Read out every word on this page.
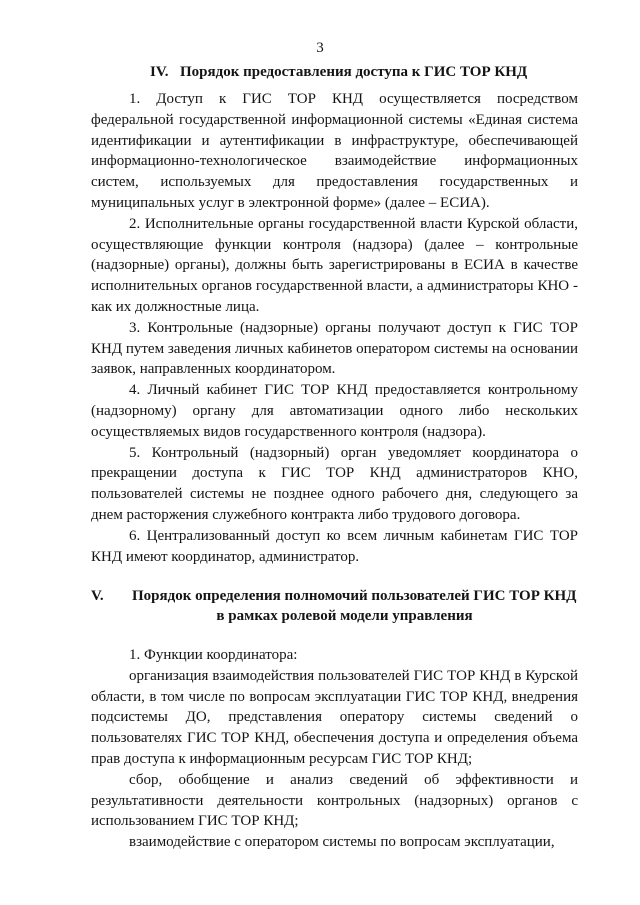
3
IV. Порядок предоставления доступа к ГИС ТОР КНД

1. Доступ к ГИС ТОР КНД осуществляется посредством федеральной государственной информационной системы «Единая система идентификации и аутентификации в инфраструктуре, обеспечивающей информационно-технологическое взаимодействие информационных систем, используемых для предоставления государственных и муниципальных услуг в электронной форме» (далее – ЕСИА).

2. Исполнительные органы государственной власти Курской области, осуществляющие функции контроля (надзора) (далее – контрольные (надзорные) органы), должны быть зарегистрированы в ЕСИА в качестве исполнительных органов государственной власти, а администраторы КНО - как их должностные лица.

3. Контрольные (надзорные) органы получают доступ к ГИС ТОР КНД путем заведения личных кабинетов оператором системы на основании заявок, направленных координатором.

4. Личный кабинет ГИС ТОР КНД предоставляется контрольному (надзорному) органу для автоматизации одного либо нескольких осуществляемых видов государственного контроля (надзора).

5. Контрольный (надзорный) орган уведомляет координатора о прекращении доступа к ГИС ТОР КНД администраторов КНО, пользователей системы не позднее одного рабочего дня, следующего за днем расторжения служебного контракта либо трудового договора.

6. Централизованный доступ ко всем личным кабинетам ГИС ТОР КНД имеют координатор, администратор.

V.	Порядок определения полномочий пользователей ГИС ТОР КНД
в рамках ролевой модели управления

1. Функции координатора:

организация взаимодействия пользователей ГИС ТОР КНД в Курской области, в том числе по вопросам эксплуатации ГИС ТОР КНД, внедрения подсистемы ДО, представления оператору системы сведений о пользователях ГИС ТОР КНД, обеспечения доступа и определения объема прав доступа к информационным ресурсам ГИС ТОР КНД;

сбор, обобщение и анализ сведений об эффективности и результативности деятельности контрольных (надзорных) органов с использованием ГИС ТОР КНД;

взаимодействие с оператором системы по вопросам эксплуатации,
